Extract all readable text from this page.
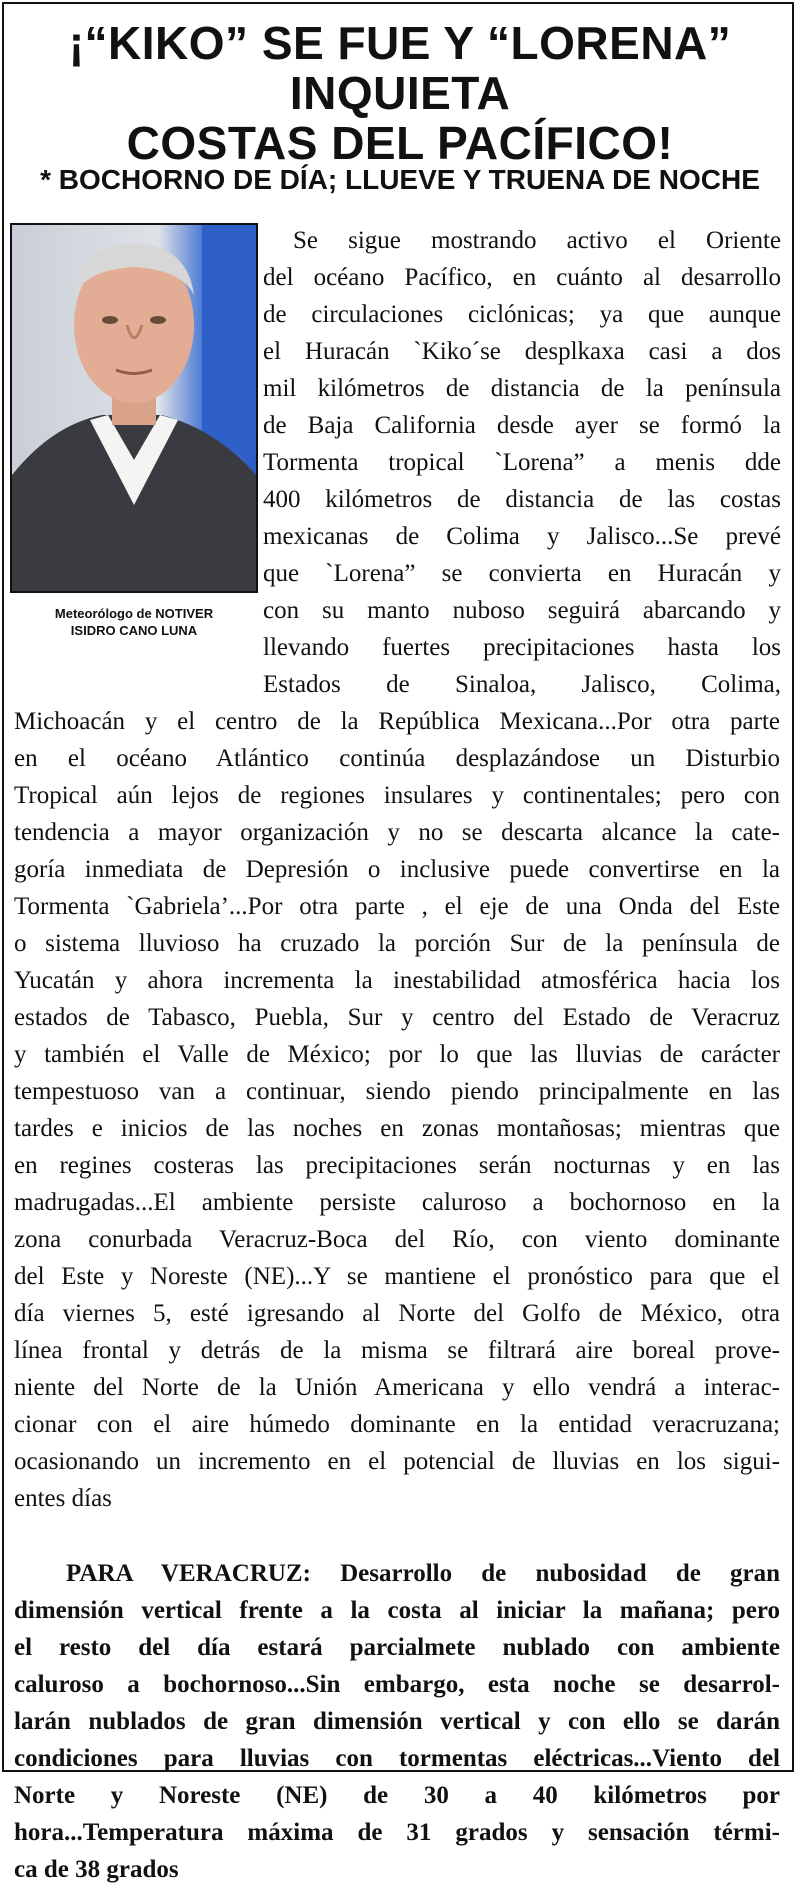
¡“KIKO” SE FUE Y “LORENA” INQUIETA
COSTAS DEL PACÍFICO!
* BOCHORNO DE DÍA; LLUEVE Y TRUENA DE NOCHE
Meteorólogo de NOTIVER
ISIDRO CANO LUNA
Se sigue mostrando activo el Oriente
del océano Pacífico, en cuánto al desarrollo
de circulaciones ciclónicas; ya que aunque
el Huracán `Kiko´se desplkaxa casi a dos
mil kilómetros de distancia de la península
de Baja California desde ayer se formó la
Tormenta tropical `Lorena” a menis dde
400 kilómetros de distancia de las costas
mexicanas de Colima y Jalisco...Se prevé
que `Lorena” se convierta en Huracán y
con su manto nuboso seguirá abarcando y
llevando fuertes precipitaciones hasta los
Estados de Sinaloa, Jalisco, Colima,
Michoacán y el centro de la República Mexicana...Por otra parte
en el océano Atlántico continúa desplazándose un Disturbio
Tropical aún lejos de regiones insulares y continentales; pero con
tendencia a mayor organización y no se descarta alcance la cate-
goría inmediata de Depresión o inclusive puede convertirse en la
Tormenta `Gabriela’...Por otra parte , el eje de una Onda del Este
o sistema lluvioso ha cruzado la porción Sur de la península de
Yucatán y ahora incrementa la inestabilidad atmosférica hacia los
estados de Tabasco, Puebla, Sur y centro del Estado de Veracruz
y también el Valle de México; por lo que las lluvias de carácter
tempestuoso van a continuar, siendo piendo principalmente en las
tardes e inicios de las noches en zonas montañosas; mientras que
en regines costeras las precipitaciones serán nocturnas y en las
madrugadas...El ambiente persiste caluroso a bochornoso en la
zona conurbada Veracruz-Boca del Río, con viento dominante
del Este y Noreste (NE)...Y se mantiene el pronóstico para que el
día viernes 5, esté igresando al Norte del Golfo de México, otra
línea frontal y detrás de la misma se filtrará aire boreal prove-
niente del Norte de la Unión Americana y ello vendrá a interac-
cionar con el aire húmedo dominante en la entidad veracruzana;
ocasionando un incremento en el potencial de lluvias en los sigui-
entes días
PARA VERACRUZ: Desarrollo de nubosidad de gran
dimensión vertical frente a la costa al iniciar la mañana; pero
el resto del día estará parcialmete nublado con ambiente
caluroso a bochornoso...Sin embargo, esta noche se desarrol-
larán nublados de gran dimensión vertical y con ello se darán
condiciones para lluvias con tormentas eléctricas...Viento del
Norte y Noreste (NE) de 30 a 40 kilómetros por
hora...Temperatura máxima de 31 grados y sensación térmi-
ca de 38 grados
